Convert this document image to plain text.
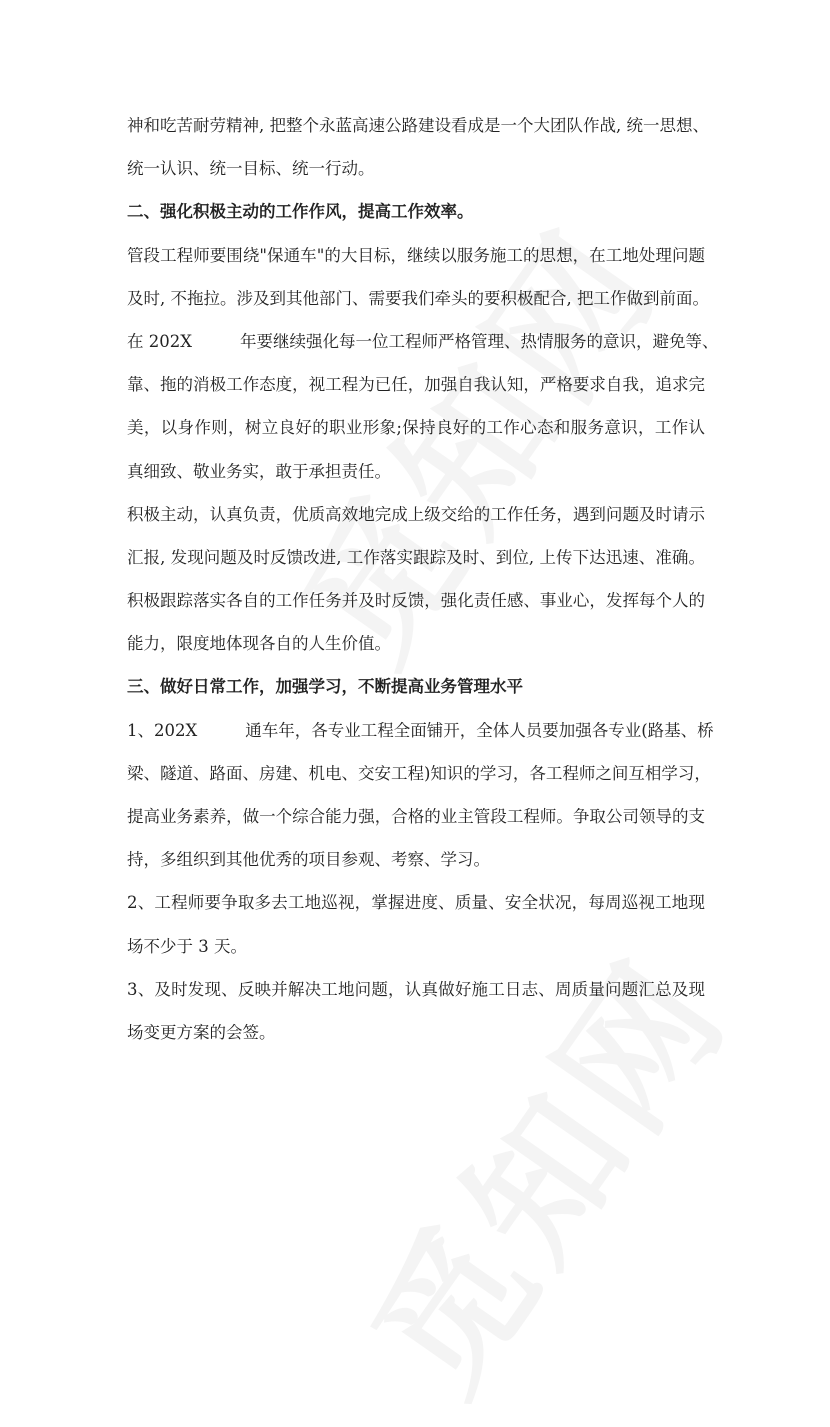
神和吃苦耐劳精神, 把整个永蓝高速公路建设看成是一个大团队作战, 统一思想、
统一认识、统一目标、统一行动。
二、强化积极主动的工作作风，提高工作效率。
管段工程师要围绕"保通车"的大目标，继续以服务施工的思想，在工地处理问题
及时, 不拖拉。涉及到其他部门、需要我们牵头的要积极配合, 把工作做到前面。
在 202X	年要继续强化每一位工程师严格管理、热情服务的意识，避免等、
靠、拖的消极工作态度，视工程为已任，加强自我认知，严格要求自我，追求完
美，以身作则，树立良好的职业形象;保持良好的工作心态和服务意识，工作认
真细致、敬业务实，敢于承担责任。
积极主动，认真负责，优质高效地完成上级交给的工作任务，遇到问题及时请示
汇报, 发现问题及时反馈改进, 工作落实跟踪及时、到位, 上传下达迅速、准确。
积极跟踪落实各自的工作任务并及时反馈，强化责任感、事业心，发挥每个人的
能力，限度地体现各自的人生价值。
三、做好日常工作，加强学习，不断提高业务管理水平
1、202X	通车年，各专业工程全面铺开，全体人员要加强各专业(路基、桥
梁、隧道、路面、房建、机电、交安工程)知识的学习，各工程师之间互相学习，
提高业务素养，做一个综合能力强，合格的业主管段工程师。争取公司领导的支
持，多组织到其他优秀的项目参观、考察、学习。
2、工程师要争取多去工地巡视，掌握进度、质量、安全状况，每周巡视工地现
场不少于 3 天。
3、及时发现、反映并解决工地问题，认真做好施工日志、周质量问题汇总及现
场变更方案的会签。
